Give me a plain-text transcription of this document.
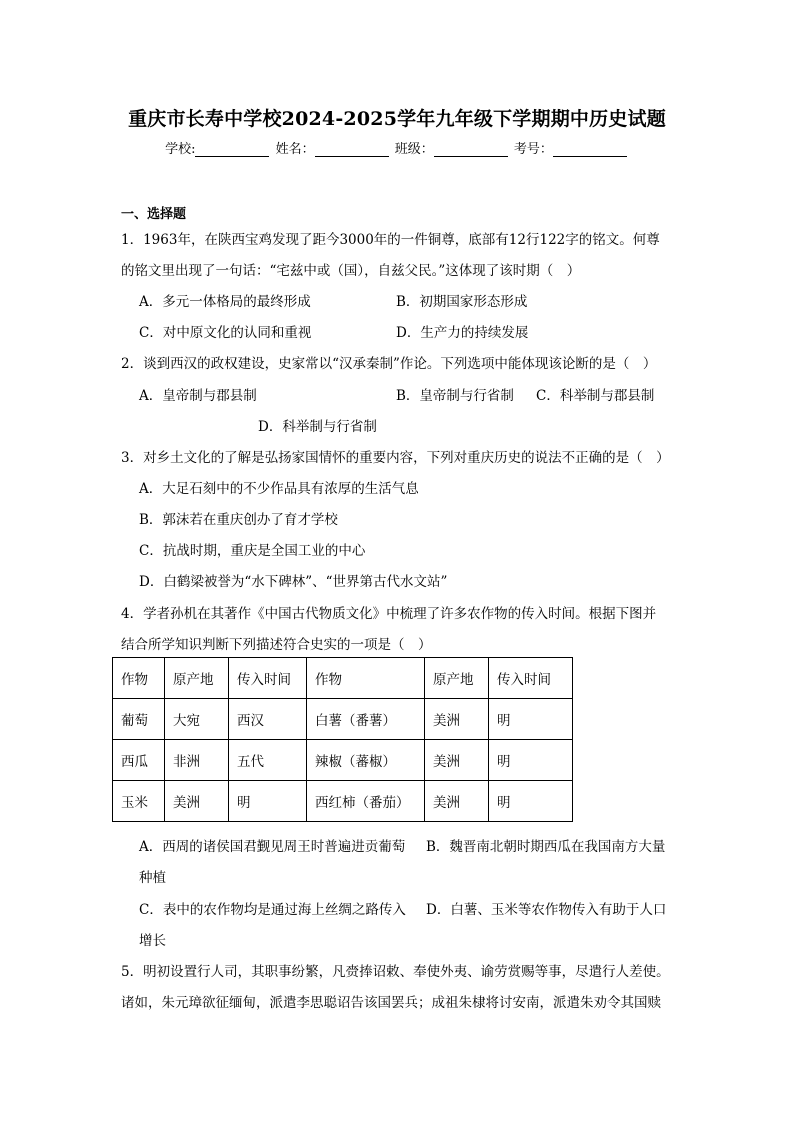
重庆市长寿中学校2024-2025学年九年级下学期期中历史试题
学校:	姓名：	班级：	考号：
一、选择题
1．1963年，在陕西宝鸡发现了距今3000年的一件铜尊，底部有12行122字的铭文。何尊
的铭文里出现了一句话：“宅兹中或（国），自兹父民。”这体现了该时期（　）
A．多元一体格局的最终形成	B．初期国家形态形成
C．对中原文化的认同和重视	D．生产力的持续发展
2．谈到西汉的政权建设，史家常以“汉承秦制”作论。下列选项中能体现该论断的是（　）
A．皇帝制与郡县制	B．皇帝制与行省制 C．科举制与郡县制
D．科举制与行省制
3．对乡土文化的了解是弘扬家国情怀的重要内容，下列对重庆历史的说法不正确的是（　）
A．大足石刻中的不少作品具有浓厚的生活气息
B．郭沫若在重庆创办了育才学校
C．抗战时期，重庆是全国工业的中心
D．白鹤梁被誉为“水下碑林”、“世界第古代水文站”
4．学者孙机在其著作《中国古代物质文化》中梳理了许多农作物的传入时间。根据下图并
结合所学知识判断下列描述符合史实的一项是（　）
作物	原产地	传入时间	作物	原产地	传入时间
葡萄	大宛	西汉	白薯（番薯）	美洲	明
西瓜	非洲	五代	辣椒（蕃椒）	美洲	明
玉米	美洲	明	西红柿（番茄）	美洲	明
A．西周的诸侯国君觐见周王时普遍进贡葡萄 B．魏晋南北朝时期西瓜在我国南方大量
种植
C．表中的农作物均是通过海上丝绸之路传入 D．白薯、玉米等农作物传入有助于人口
增长
5．明初设置行人司，其职事纷繁，凡赍捧诏敕、奉使外夷、谕劳赏赐等事，尽遣行人差使。
诸如，朱元璋欲征缅甸，派遣李思聪诏告该国罢兵；成祖朱棣将讨安南，派遣朱劝令其国赎
